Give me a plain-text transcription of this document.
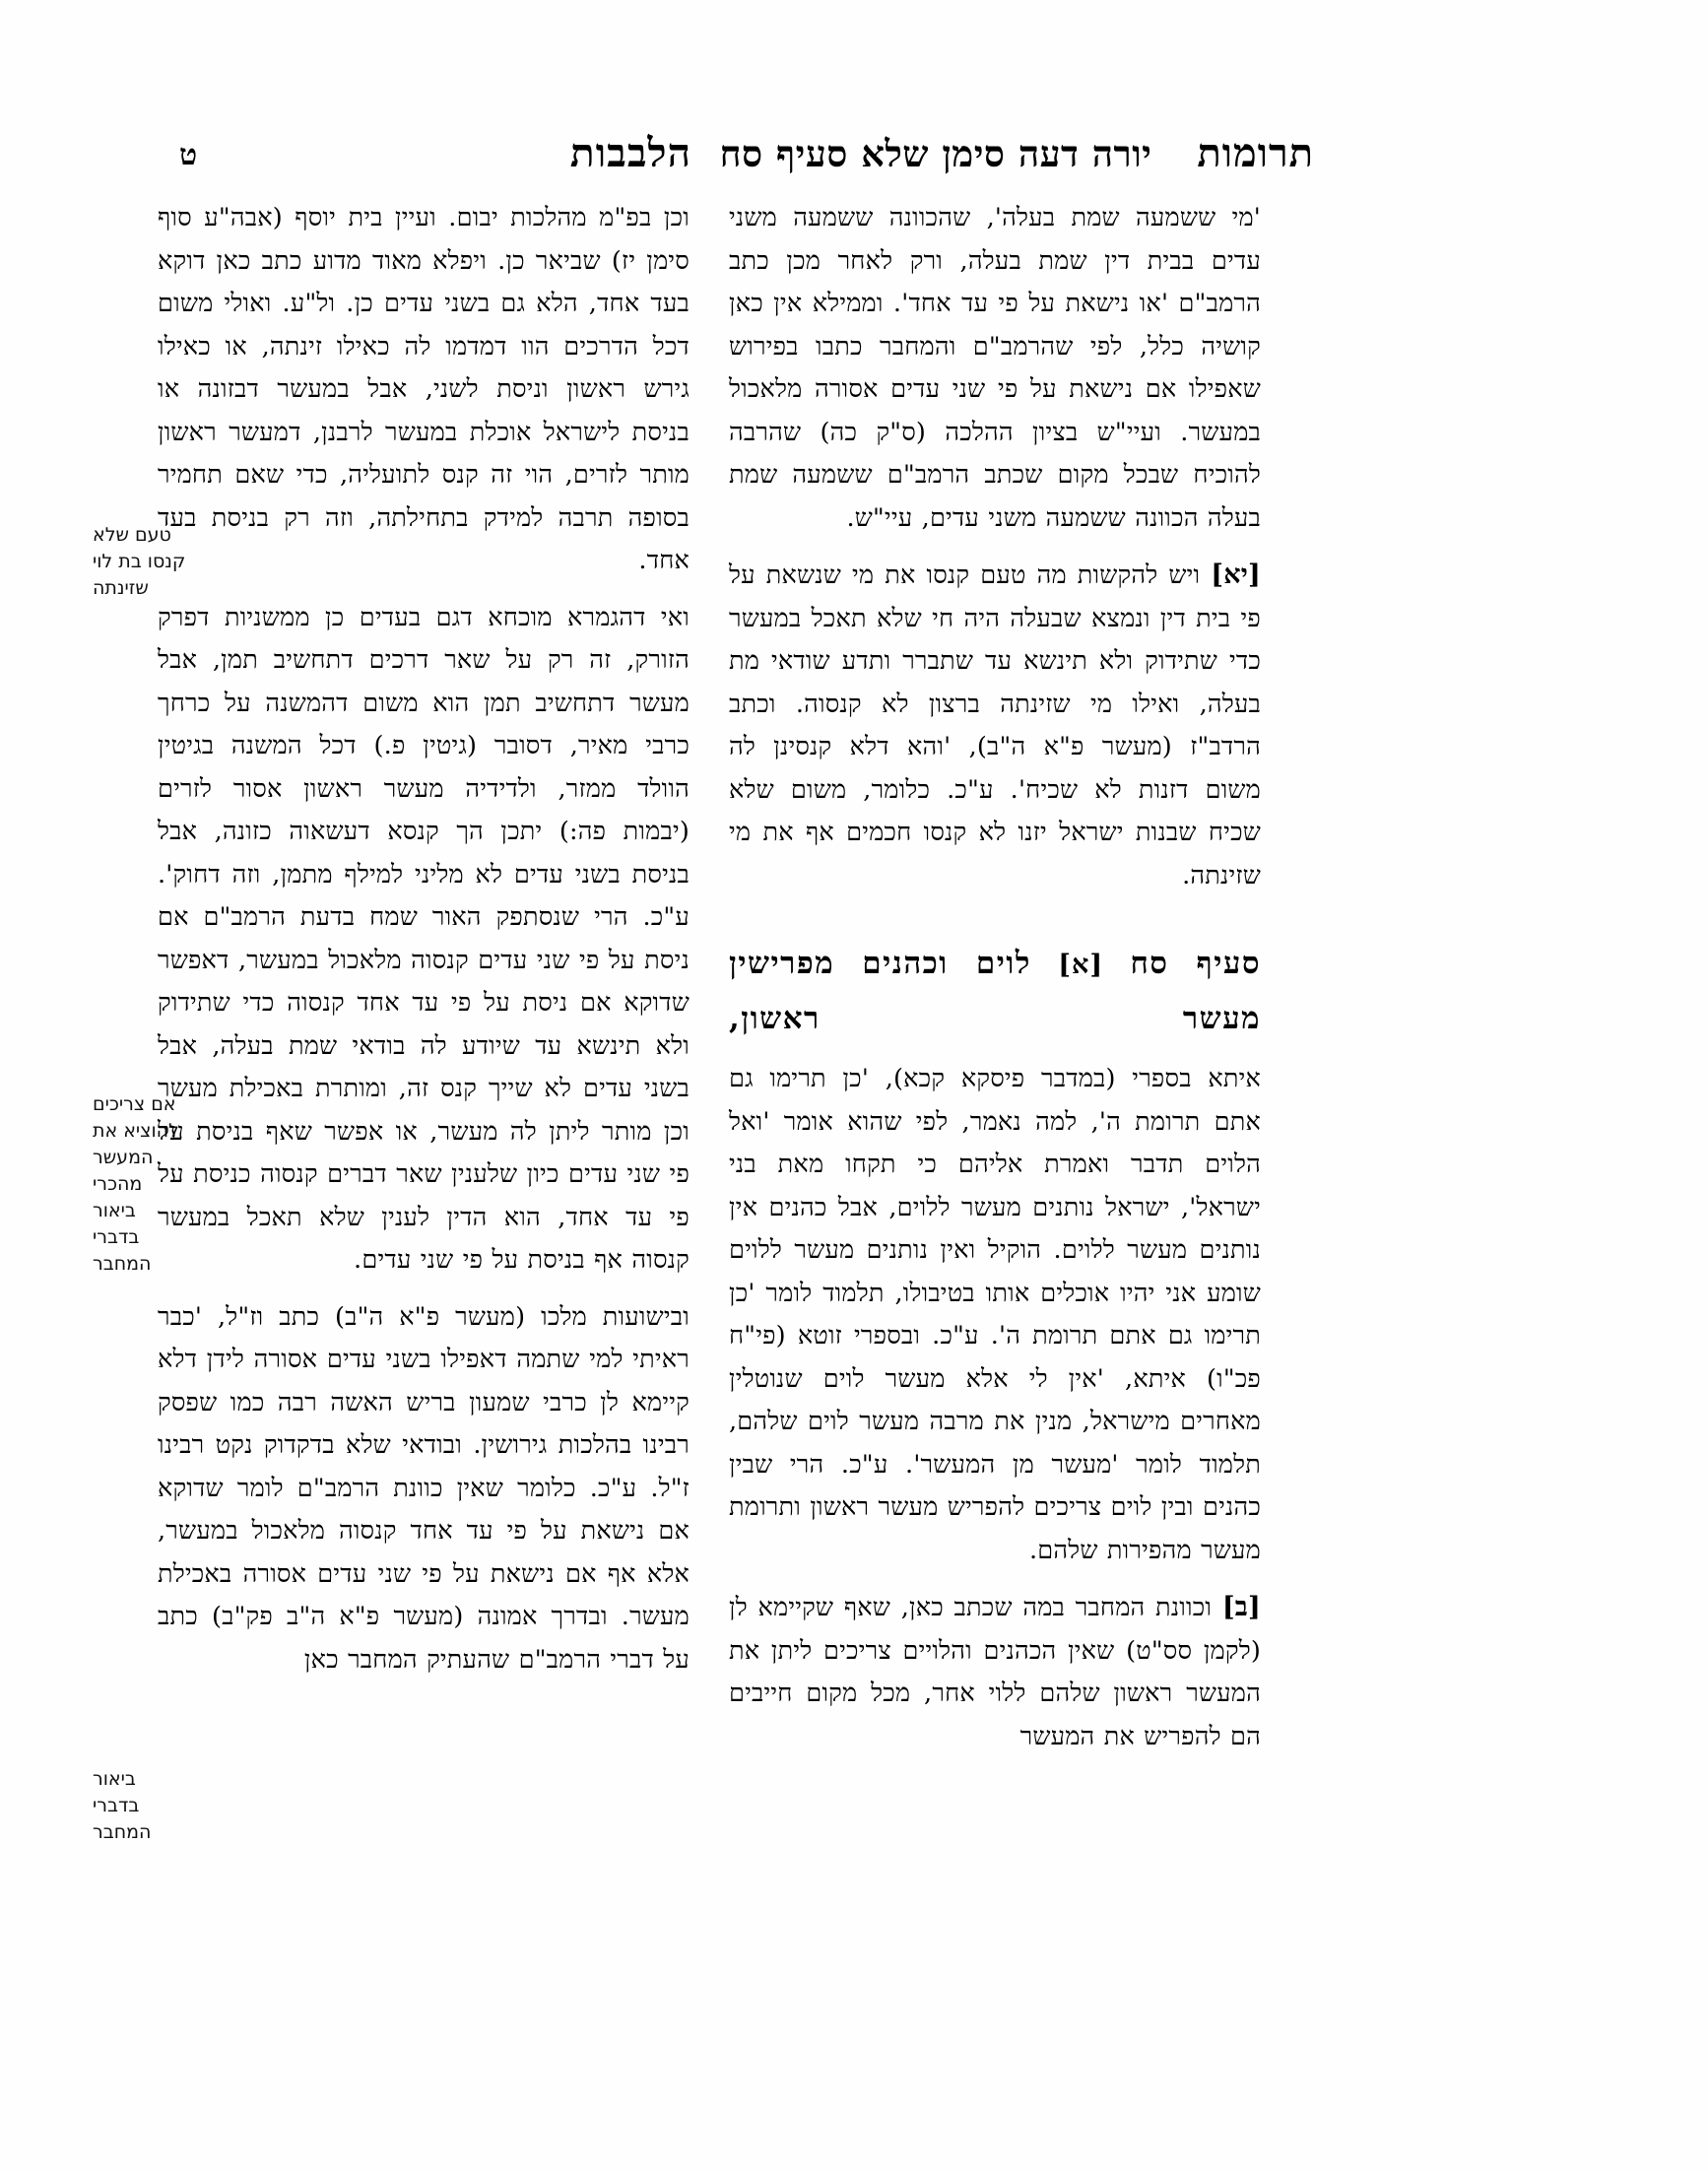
תרומות
יורה דעה סימן שלא סעיף סח
הלבבות
ט
טעם שלא
קנסו בת לוי
שזינתה
אם צריכים
להוציא את
המעשר
מהכרי
ביאור
בדברי
המחבר
ביאור
בדברי
המחבר

וכן בפ"מ מהלכות יבום. ועיין בית יוסף (אבה"ע סוף סימן יז) שביאר כן. ויפלא מאוד מדוע כתב כאן דוקא בעד אחד, הלא גם בשני עדים כן. ול"ע. ואולי משום דכל הדרכים הוו דמדמו לה כאילו זינתה, או כאילו גירש ראשון וניסת לשני, אבל במעשר דבזונה או בניסת לישראל אוכלת במעשר לרבנן, דמעשר ראשון מותר לזרים, הוי זה קנס לתועליה, כדי שאם תחמיר בסופה תרבה למידק בתחילתה, וזה רק בניסת בעד אחד.

ואי דהגמרא מוכחא דגם בעדים כן ממשניות דפרק הזורק, זה רק על שאר דרכים דתחשיב תמן, אבל מעשר דתחשיב תמן הוא משום דהמשנה על כרחך כרבי מאיר, דסובר (גיטין פ.) דכל המשנה בגיטין הוולד ממזר, ולדידיה מעשר ראשון אסור לזרים (יבמות פה:) יתכן הך קנסא דעשאוה כזונה, אבל בניסת בשני עדים לא מליני למילף מתמן, וזה דחוק'. ע"כ. הרי שנסתפק האור שמח בדעת הרמב"ם אם ניסת על פי שני עדים קנסוה מלאכול במעשר, דאפשר שדוקא אם ניסת על פי עד אחד קנסוה כדי שתידוק ולא תינשא עד שיודע לה בודאי שמת בעלה, אבל בשני עדים לא שייך קנס זה, ומותרת באכילת מעשר וכן מותר ליתן לה מעשר, או אפשר שאף בניסת על פי שני עדים כיון שלענין שאר דברים קנסוה כניסת על פי עד אחד, הוא הדין לענין שלא תאכל במעשר קנסוה אף בניסת על פי שני עדים.

ובישועות מלכו (מעשר פ"א ה"ב) כתב וז"ל, 'כבר ראיתי למי שתמה דאפילו בשני עדים אסורה לידן דלא קיימא לן כרבי שמעון בריש האשה רבה כמו שפסק רבינו בהלכות גירושין. ובודאי שלא בדקדוק נקט רבינו ז"ל. ע"כ. כלומר שאין כוונת הרמב"ם לומר שדוקא אם נישאת על פי עד אחד קנסוה מלאכול במעשר, אלא אף אם נישאת על פי שני עדים אסורה באכילת מעשר. ובדרך אמונה (מעשר פ"א ה"ב פק"ב) כתב על דברי הרמב"ם שהעתיק המחבר כאן

'מי ששמעה שמת בעלה', שהכוונה ששמעה משני עדים בבית דין שמת בעלה, ורק לאחר מכן כתב הרמב"ם 'או נישאת על פי עד אחד'. וממילא אין כאן קושיה כלל, לפי שהרמב"ם והמחבר כתבו בפירוש שאפילו אם נישאת על פי שני עדים אסורה מלאכול במעשר. ועיי"ש בציון ההלכה (ס"ק כה) שהרבה להוכיח שבכל מקום שכתב הרמב"ם ששמעה שמת בעלה הכוונה ששמעה משני עדים, עיי"ש.

[יא] ויש להקשות מה טעם קנסו את מי שנשאת על פי בית דין ונמצא שבעלה היה חי שלא תאכל במעשר כדי שתידוק ולא תינשא עד שתברר ותדע שודאי מת בעלה, ואילו מי שזינתה ברצון לא קנסוה. וכתב הרדב"ז (מעשר פ"א ה"ב), 'והא דלא קנסינן לה משום דזנות לא שכיח'. ע"כ. כלומר, משום שלא שכיח שבנות ישראל יזנו לא קנסו חכמים אף את מי שזינתה.

סעיף סח [א] לוים וכהנים מפרישין מעשר ראשון,

איתא בספרי (במדבר פיסקא קכא), 'כן תרימו גם אתם תרומת ה', למה נאמר, לפי שהוא אומר 'ואל הלוים תדבר ואמרת אליהם כי תקחו מאת בני ישראל', ישראל נותנים מעשר ללוים, אבל כהנים אין נותנים מעשר ללוים. הוקיל ואין נותנים מעשר ללוים שומע אני יהיו אוכלים אותו בטיבולו, תלמוד לומר 'כן תרימו גם אתם תרומת ה'. ע"כ. ובספרי זוטא (פי"ח פכ"ו) איתא, 'אין לי אלא מעשר לוים שנוטלין מאחרים מישראל, מנין את מרבה מעשר לוים שלהם, תלמוד לומר 'מעשר מן המעשר'. ע"כ. הרי שבין כהנים ובין לוים צריכים להפריש מעשר ראשון ותרומת מעשר מהפירות שלהם.

[ב] וכוונת המחבר במה שכתב כאן, שאף שקיימא לן (לקמן סס"ט) שאין הכהנים והלויים צריכים ליתן את המעשר ראשון שלהם ללוי אחר, מכל מקום חייבים הם להפריש את המעשר
